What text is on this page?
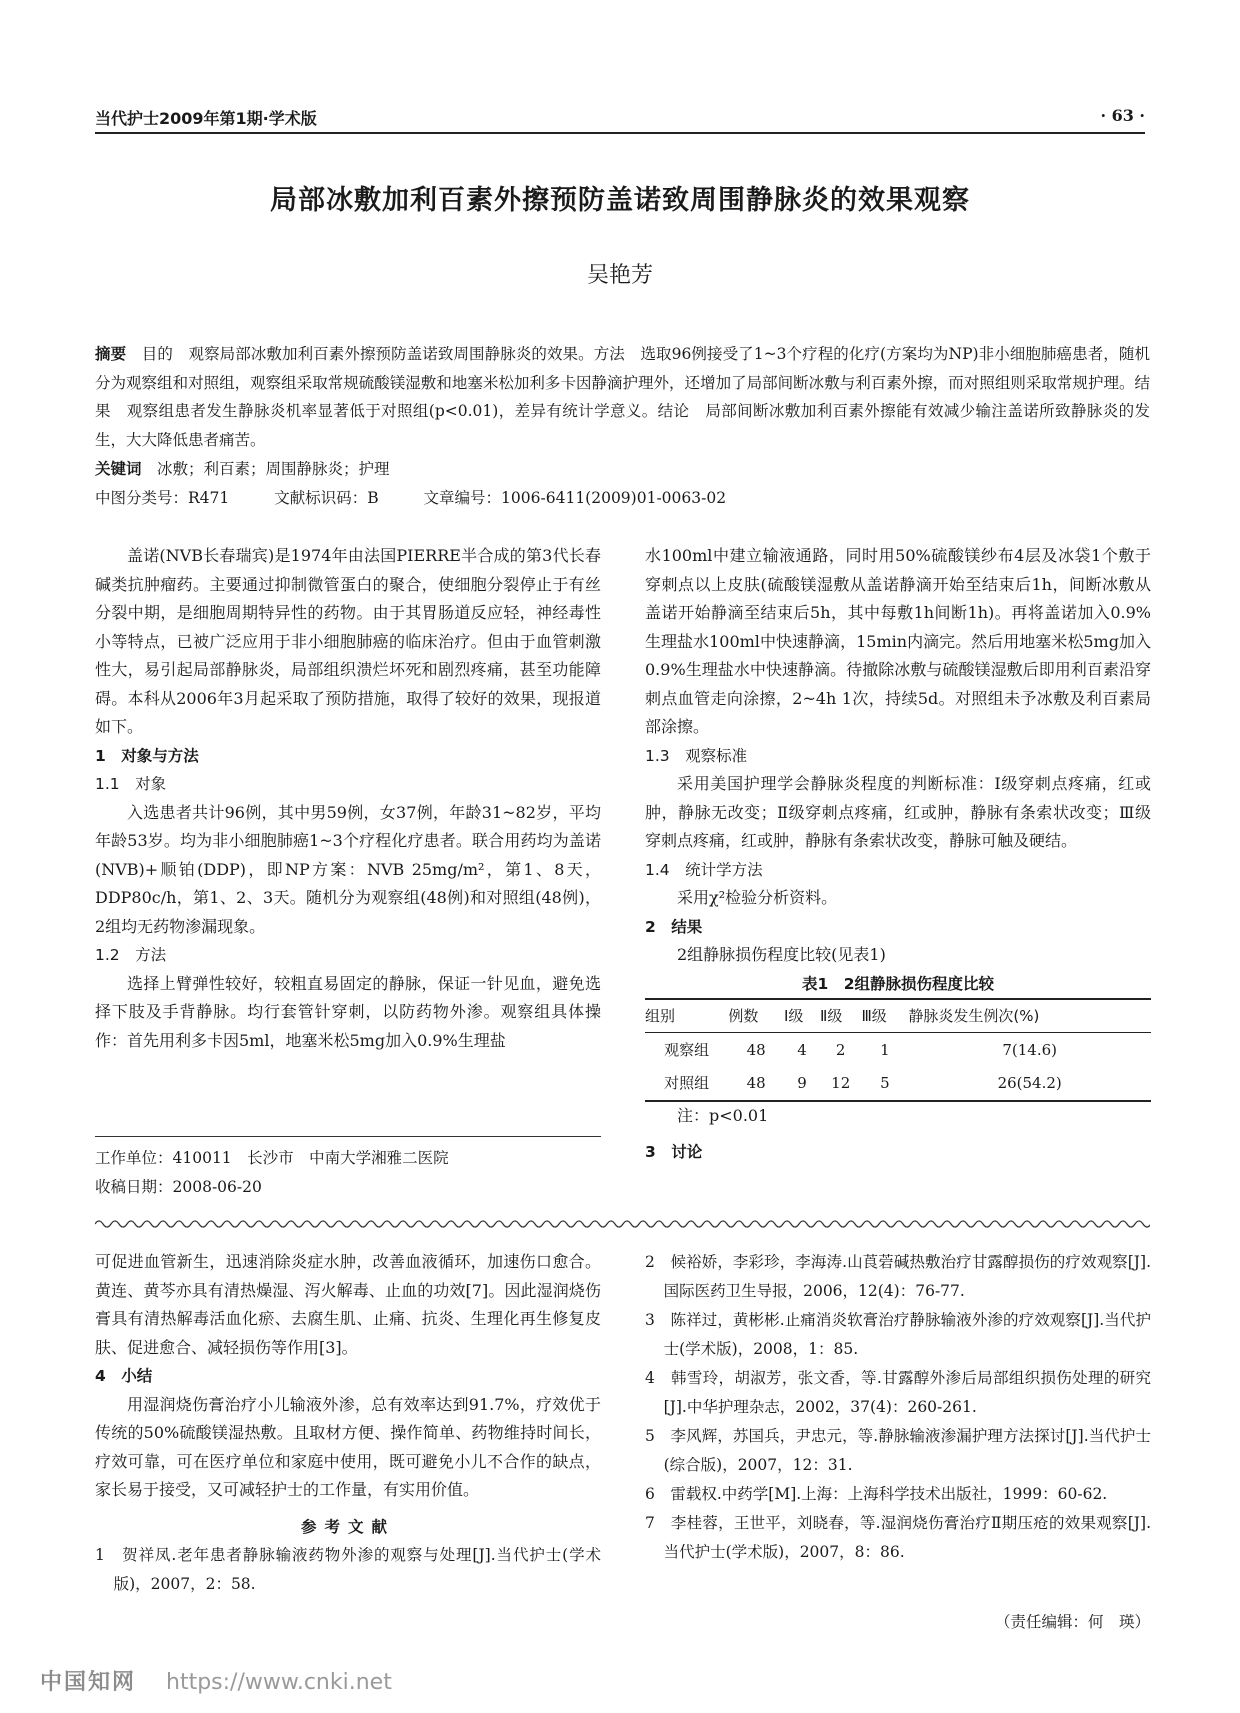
当代护士2009年第1期·学术版	· 63 ·
局部冰敷加利百素外擦预防盖诺致周围静脉炎的效果观察
吴艳芳
摘要　 目的　观察局部冰敷加利百素外擦预防盖诺致周围静脉炎的效果。方法　选取96例接受了1~3个疗程的化疗(方案均为NP)非小细胞肺癌患者，随机分为观察组和对照组，观察组采取常规硫酸镁湿敷和地塞米松加利多卡因静滴护理外，还增加了局部间断冰敷与利百素外擦，而对照组则采取常规护理。结果　观察组患者发生静脉炎机率显著低于对照组(p<0.01)，差异有统计学意义。结论　局部间断冰敷加利百素外擦能有效减少输注盖诺所致静脉炎的发生，大大降低患者痛苦。
关键词　 冰敷；利百素；周围静脉炎；护理
中图分类号：R471	文献标识码：B	文章编号：1006-6411(2009)01-0063-02

盖诺(NVB长春瑞宾)是1974年由法国PIERRE半合成的第3代长春碱类抗肿瘤药。主要通过抑制微管蛋白的聚合，使细胞分裂停止于有丝分裂中期，是细胞周期特异性的药物。由于其胃肠道反应轻，神经毒性小等特点，已被广泛应用于非小细胞肺癌的临床治疗。但由于血管刺激性大，易引起局部静脉炎，局部组织溃烂坏死和剧烈疼痛，甚至功能障碍。本科从2006年3月起采取了预防措施，取得了较好的效果，现报道如下。

1　对象与方法
1.1　对象

入选患者共计96例，其中男59例，女37例，年龄31~82岁，平均年龄53岁。均为非小细胞肺癌1~3个疗程化疗患者。联合用药均为盖诺(NVB)+顺铂(DDP)，即NP方案：NVB 25mg/m²，第1、8天，DDP80c/h，第1、2、3天。随机分为观察组(48例)和对照组(48例)，2组均无药物渗漏现象。

1.2　方法

选择上臂弹性较好，较粗直易固定的静脉，保证一针见血，避免选择下肢及手背静脉。均行套管针穿刺，以防药物外渗。观察组具体操作：首先用利多卡因5ml，地塞米松5mg加入0.9%生理盐

水100ml中建立输液通路，同时用50%硫酸镁纱布4层及冰袋1个敷于穿刺点以上皮肤(硫酸镁湿敷从盖诺静滴开始至结束后1h，间断冰敷从盖诺开始静滴至结束后5h，其中每敷1h间断1h)。再将盖诺加入0.9%生理盐水100ml中快速静滴，15min内滴完。然后用地塞米松5mg加入0.9%生理盐水中快速静滴。待撤除冰敷与硫酸镁湿敷后即用利百素沿穿刺点血管走向涂擦，2~4h 1次，持续5d。对照组未予冰敷及利百素局部涂擦。

1.3　观察标准

采用美国护理学会静脉炎程度的判断标准：Ⅰ级穿刺点疼痛，红或肿，静脉无改变；Ⅱ级穿刺点疼痛，红或肿，静脉有条索状改变；Ⅲ级穿刺点疼痛，红或肿，静脉有条索状改变，静脉可触及硬结。

1.4　统计学方法

采用χ²检验分析资料。

2　结果

2组静脉损伤程度比较(见表1)

表1　2组静脉损伤程度比较
组别	例数	Ⅰ级	Ⅱ级	Ⅲ级	静脉炎发生例次(%)
观察组	48	4	2	1	7(14.6)
对照组	48	9	12	5	26(54.2)

注：p<0.01

3　讨论
工作单位：410011　长沙市　中南大学湘雅二医院
收稿日期：2008-06-20

可促进血管新生，迅速消除炎症水肿，改善血液循环，加速伤口愈合。黄连、黄芩亦具有清热燥湿、泻火解毒、止血的功效[7]。因此湿润烧伤膏具有清热解毒活血化瘀、去腐生肌、止痛、抗炎、生理化再生修复皮肤、促进愈合、减轻损伤等作用[3]。

4　小结

用湿润烧伤膏治疗小儿输液外渗，总有效率达到91.7%，疗效优于传统的50%硫酸镁湿热敷。且取材方便、操作简单、药物维持时间长，疗效可靠，可在医疗单位和家庭中使用，既可避免小儿不合作的缺点，家长易于接受，又可减轻护士的工作量，有实用价值。

参考文献
1　贺祥凤.老年患者静脉输液药物外渗的观察与处理[J].当代护士(学术版)，2007，2：58.
2　候裕娇，李彩珍，李海涛.山莨菪碱热敷治疗甘露醇损伤的疗效观察[J].国际医药卫生导报，2006，12(4)：76-77.
3　陈祥过，黄彬彬.止痛消炎软膏治疗静脉输液外渗的疗效观察[J].当代护士(学术版)，2008，1：85.
4　韩雪玲，胡淑芳，张文香，等.甘露醇外渗后局部组织损伤处理的研究[J].中华护理杂志，2002，37(4)：260-261.
5　李风辉，苏国兵，尹忠元，等.静脉输液渗漏护理方法探讨[J].当代护士(综合版)，2007，12：31.
6　雷载权.中药学[M].上海：上海科学技术出版社，1999：60-62.
7　李桂蓉，王世平，刘晓春，等.湿润烧伤膏治疗Ⅱ期压疮的效果观察[J].当代护士(学术版)，2007，8：86.
（责任编辑：何　瑛）
中国知网 https://www.cnki.net
